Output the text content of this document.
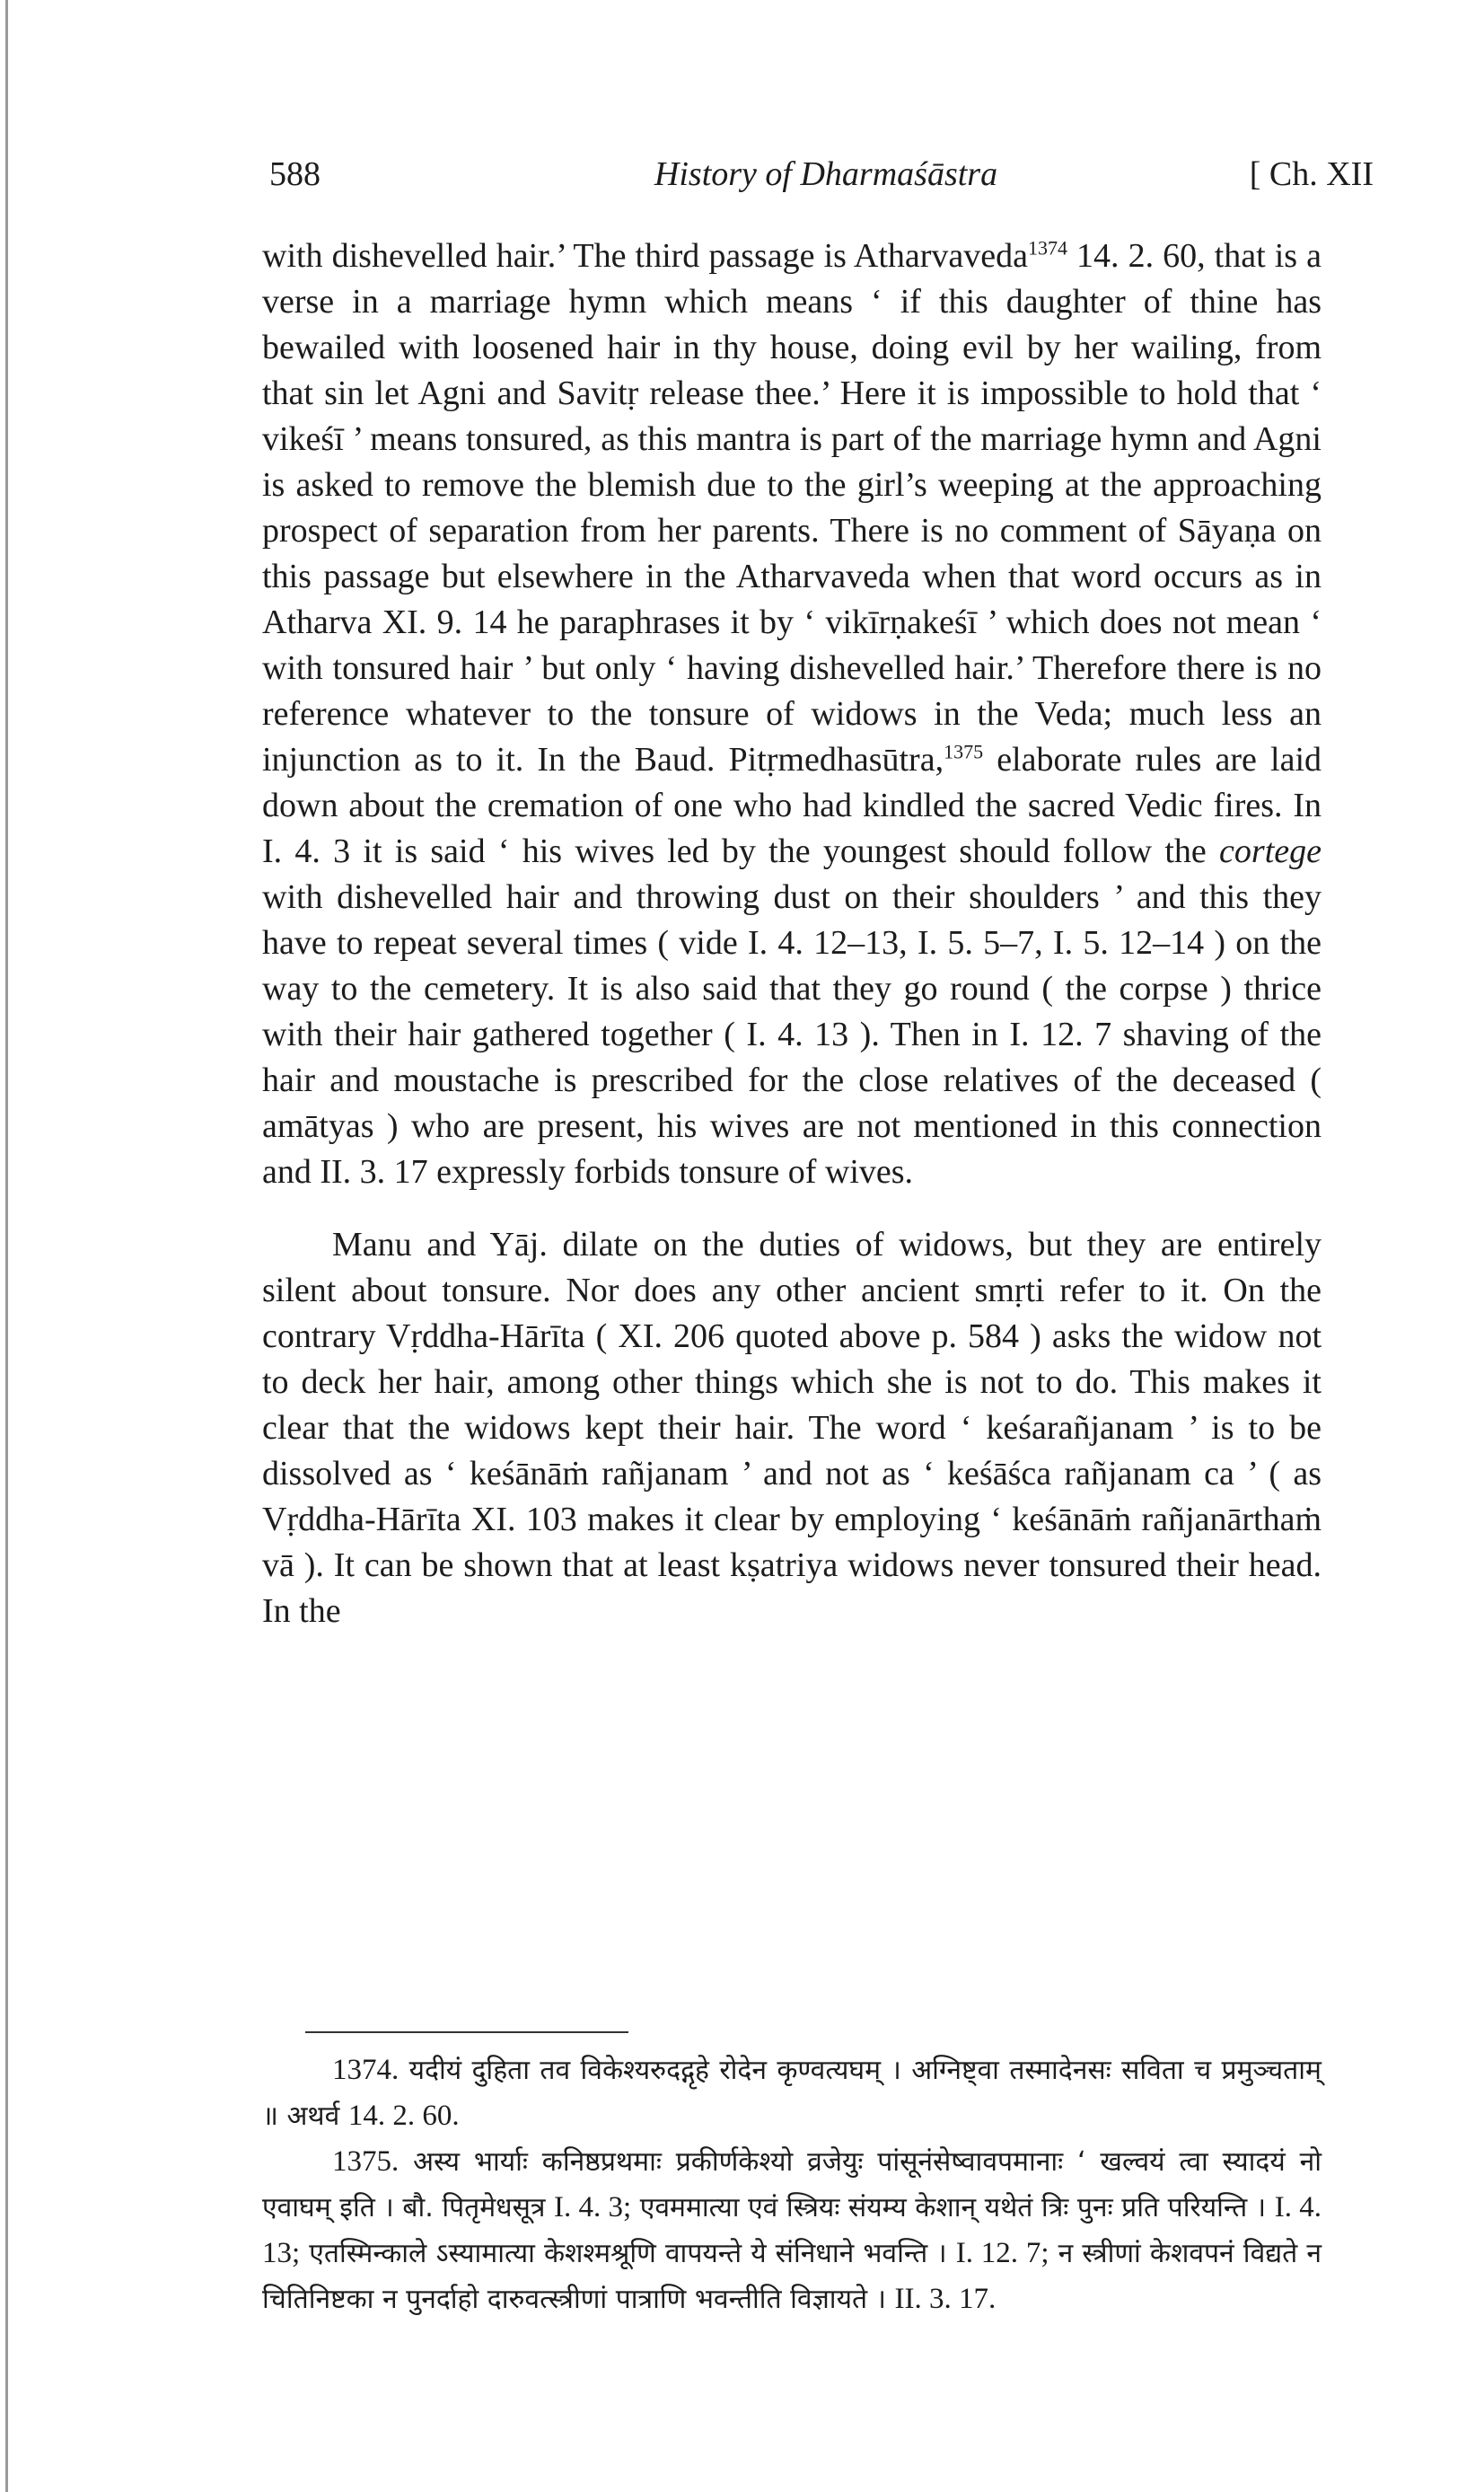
588	History of Dharmaśāstra	[ Ch. XII

with dishevelled hair.’ The third passage is Atharvaveda$^{1374}$ 14. 2. 60, that is a verse in a marriage hymn which means ‘ if this daughter of thine has bewailed with loosened hair in thy house, doing evil by her wailing, from that sin let Agni and Savitṛ release thee.’ Here it is impossible to hold that ‘ vikeśī ’ means tonsured, as this mantra is part of the marriage hymn and Agni is asked to remove the blemish due to the girl’s weeping at the approaching prospect of separation from her parents. There is no comment of Sāyaṇa on this passage but elsewhere in the Atharvaveda when that word occurs as in Atharva XI. 9. 14 he paraphrases it by ‘ vikīrṇakeśī ’ which does not mean ‘ with tonsured hair ’ but only ‘ having dishevelled hair.’ Therefore there is no reference whatever to the tonsure of widows in the Veda; much less an injunction as to it. In the Baud. Pitṛmedhasūtra,$^{1375}$ elaborate rules are laid down about the cremation of one who had kindled the sacred Vedic fires. In I. 4. 3 it is said ‘ his wives led by the youngest should follow the cortege with dishevelled hair and throwing dust on their shoulders ’ and this they have to repeat several times ( vide I. 4. 12–13, I. 5. 5–7, I. 5. 12–14 ) on the way to the cemetery. It is also said that they go round ( the corpse ) thrice with their hair gathered together ( I. 4. 13 ). Then in I. 12. 7 shaving of the hair and moustache is prescribed for the close relatives of the deceased ( amātyas ) who are present, his wives are not mentioned in this connection and II. 3. 17 expressly forbids tonsure of wives.

Manu and Yāj. dilate on the duties of widows, but they are entirely silent about tonsure. Nor does any other ancient smṛti refer to it. On the contrary Vṛddha-Hārīta ( XI. 206 quoted above p. 584 ) asks the widow not to deck her hair, among other things which she is not to do. This makes it clear that the widows kept their hair. The word ‘ keśarañjanam ’ is to be dissolved as ‘ keśānāṁ rañjanam ’ and not as ‘ keśāśca rañjanam ca ’ ( as Vṛddha-Hārīta XI. 103 makes it clear by employing ‘ keśānāṁ rañjanārthaṁ vā ). It can be shown that at least kṣatriya widows never tonsured their head. In the

1374. यदीयं दुहिता तव विकेश्यरुदद्गृहे रोदेन कृण्वत्यघम् । अग्निष्ट्वा तस्मादेनसः सविता च प्रमुञ्चताम् ॥ अथर्व 14. 2. 60.

1375. अस्य भार्याः कनिष्ठप्रथमाः प्रकीर्णकेश्यो व्रजेयुः पांसूनंसेष्वावपमानाः ‘ खल्वयं त्वा स्यादयं नो एवाघम् इति । बौ. पितृमेधसूत्र I. 4. 3; एवममात्या एवं स्त्रियः संयम्य केशान् यथेतं त्रिः पुनः प्रति परियन्ति । I. 4. 13; एतस्मिन्काले ऽस्यामात्या केशश्मश्रूणि वापयन्ते ये संनिधाने भवन्ति । I. 12. 7; न स्त्रीणां केशवपनं विद्यते न चितिनिष्टका न पुनर्दाहो दारुवत्स्त्रीणां पात्राणि भवन्तीति विज्ञायते । II. 3. 17.
